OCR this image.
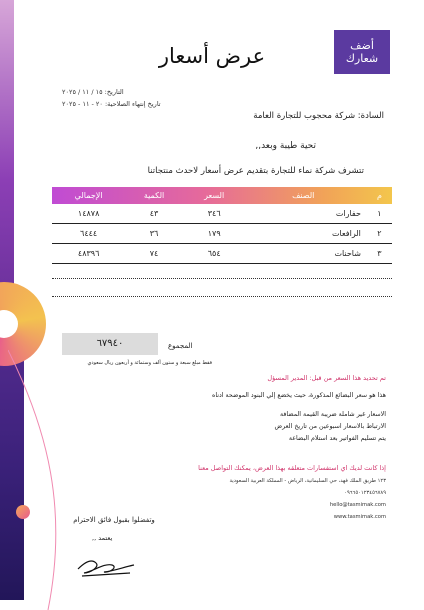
أضف
شعارك
عرض أسعار
التاريخ: ١٥ / ١١ / ٢٠٢٥
تاريخ إنتهاء الصلاحية: ٢٠ - ١١ - ٢٠٢٥
السادة: شركة محجوب للتجارة العامة
تحية طيبة وبعد,,
تتشرف شركة نماء للتجارة بتقديم عرض أسعار لاحدث منتجاتنا
م	الصنف	السعر	الكمية	الإجمالي
١	حفارات	٣٤٦	٤٣	١٤٨٧٨
٢	الرافعات	١٧٩	٣٦	٦٤٤٤
٣	شاحنات	٦٥٤	٧٤	٤٨٣٩٦
٦٧٩٤٠	المجموع
فقط مبلغ سبعة و ستون ألف وستمائة و أربعون ريال سعودي
تم تحديد هذا السعر من قبل: المدير المسؤل
هذا هو سعر البضائع المذكورة، حيث يخضع إلي البنود الموضحة ادناه
الاسعار غير شاملة ضريبة القيمة المضافة
الارتباط بالاسعار اسبوعين من تاريخ العرض
يتم تسليم الفواتير بعد استلام البضاعة
إذا كانت لديك اي استفسارات متعلقه بهذا العرض، يمكنك التواصل معنا
١٢٣ طريق الملك فهد، حي السليمانية، الرياض - المملكة العربية السعودية
٠٩٦٦٥٠١٢٣٤٥٦٧٨٩
hello@tasmimak.com
www.tasmimak.com
وتفضلوا بقبول فائق الاحترام
يعتمد ,,
